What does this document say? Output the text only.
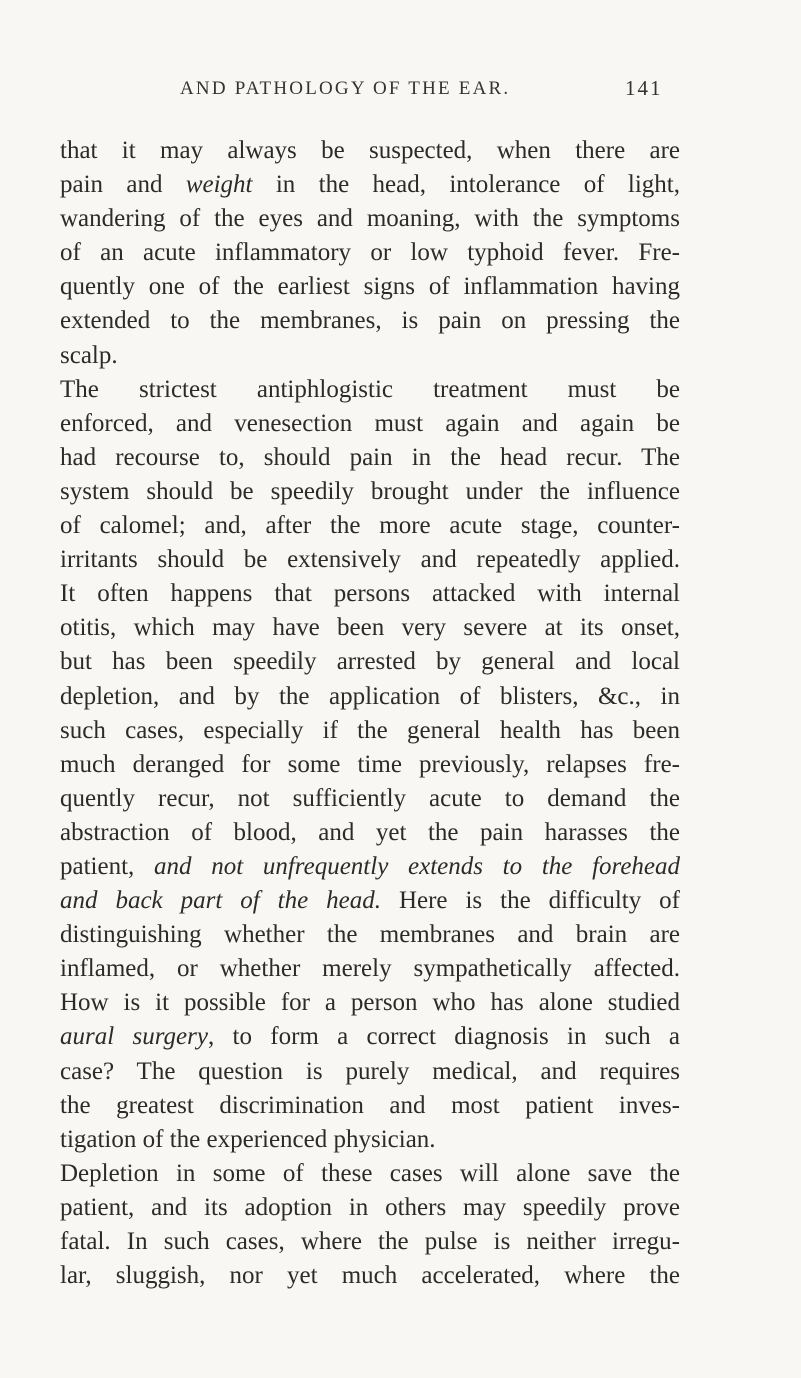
AND PATHOLOGY OF THE EAR.	141
that it may always be suspected, when there are
pain and weight in the head, intolerance of light,
wandering of the eyes and moaning, with the symptoms
of an acute inflammatory or low typhoid fever. Fre-
quently one of the earliest signs of inflammation having
extended to the membranes, is pain on pressing the
scalp.
The strictest antiphlogistic treatment must be
enforced, and venesection must again and again be
had recourse to, should pain in the head recur. The
system should be speedily brought under the influence
of calomel; and, after the more acute stage, counter-
irritants should be extensively and repeatedly applied.
It often happens that persons attacked with internal
otitis, which may have been very severe at its onset,
but has been speedily arrested by general and local
depletion, and by the application of blisters, &c., in
such cases, especially if the general health has been
much deranged for some time previously, relapses fre-
quently recur, not sufficiently acute to demand the
abstraction of blood, and yet the pain harasses the
patient, and not unfrequently extends to the forehead
and back part of the head. Here is the difficulty of
distinguishing whether the membranes and brain are
inflamed, or whether merely sympathetically affected.
How is it possible for a person who has alone studied
aural surgery, to form a correct diagnosis in such a
case? The question is purely medical, and requires
the greatest discrimination and most patient inves-
tigation of the experienced physician.
Depletion in some of these cases will alone save the
patient, and its adoption in others may speedily prove
fatal. In such cases, where the pulse is neither irregu-
lar, sluggish, nor yet much accelerated, where the
